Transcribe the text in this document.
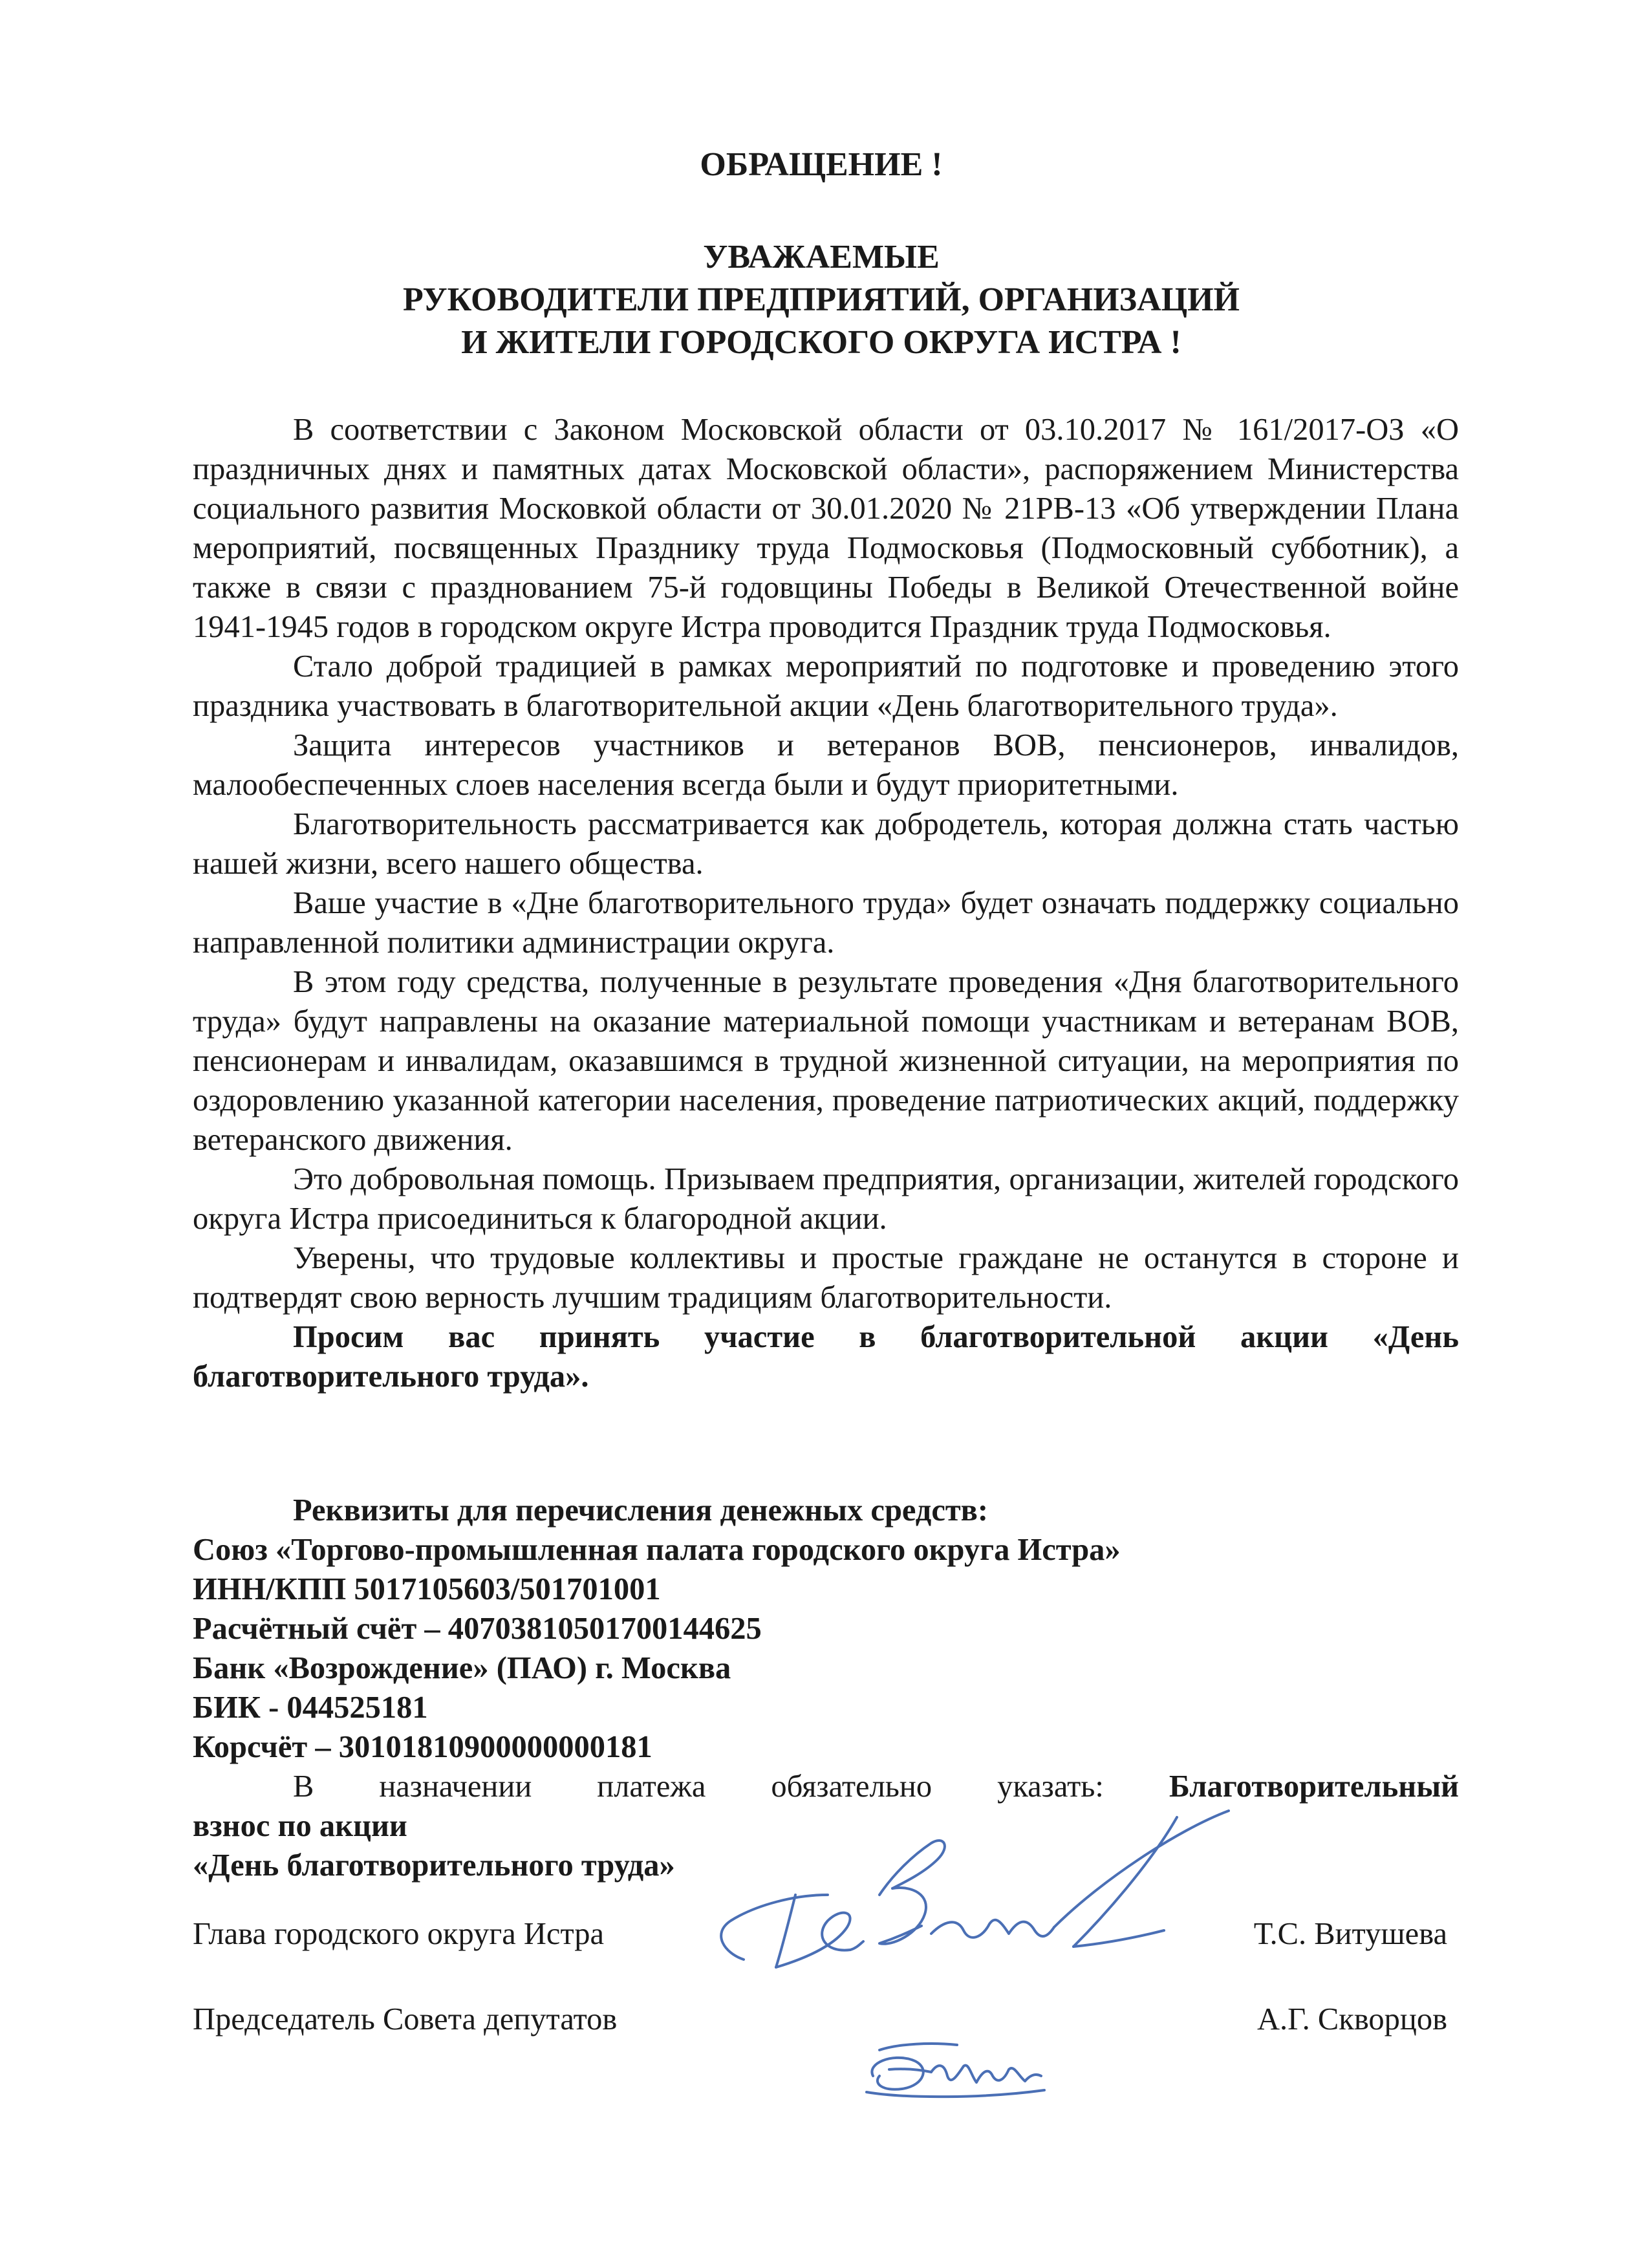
ОБРАЩЕНИЕ !
УВАЖАЕМЫЕ
РУКОВОДИТЕЛИ ПРЕДПРИЯТИЙ, ОРГАНИЗАЦИЙ
И ЖИТЕЛИ ГОРОДСКОГО ОКРУГА ИСТРА !

В соответствии с Законом Московской области от 03.10.2017 № 161/2017-ОЗ «О праздничных днях и памятных датах Московской области», распоряжением Министерства социального развития Московкой области от 30.01.2020 № 21РВ-13 «Об утверждении Плана мероприятий, посвященных Празднику труда Подмосковья (Подмосковный субботник), а также в связи с празднованием 75-й годовщины Победы в Великой Отечественной войне 1941-1945 годов в городском округе Истра проводится Праздник труда Подмосковья.

Стало доброй традицией в рамках мероприятий по подготовке и проведению этого праздника участвовать в благотворительной акции «День благотворительного труда».

Защита интересов участников и ветеранов ВОВ, пенсионеров, инвалидов, малообеспеченных слоев населения всегда были и будут приоритетными.

Благотворительность рассматривается как добродетель, которая должна стать частью нашей жизни, всего нашего общества.

Ваше участие в «Дне благотворительного труда» будет означать поддержку социально направленной политики администрации округа.

В этом году средства, полученные в результате проведения «Дня благотворительного труда» будут направлены на оказание материальной помощи участникам и ветеранам ВОВ, пенсионерам и инвалидам, оказавшимся в трудной жизненной ситуации, на мероприятия по оздоровлению указанной категории населения, проведение патриотических акций, поддержку ветеранского движения.

Это добровольная помощь. Призываем предприятия, организации, жителей городского округа Истра присоединиться к благородной акции.

Уверены, что трудовые коллективы и простые граждане не останутся в стороне и подтвердят свою верность лучшим традициям благотворительности.

Просим вас принять участие в благотворительной акции «День благотворительного труда».

Реквизиты для перечисления денежных средств:
Союз «Торгово-промышленная палата городского округа Истра»
ИНН/КПП 5017105603/501701001
Расчётный счёт – 40703810501700144625
Банк «Возрождение» (ПАО) г. Москва
БИК - 044525181
Корсчёт – 30101810900000000181
В назначении платежа обязательно указать: Благотворительный
взнос по акции
«День благотворительного труда»
Глава городского округа Истра	Т.С. Витушева
Председатель Совета депутатов	А.Г. Скворцов
